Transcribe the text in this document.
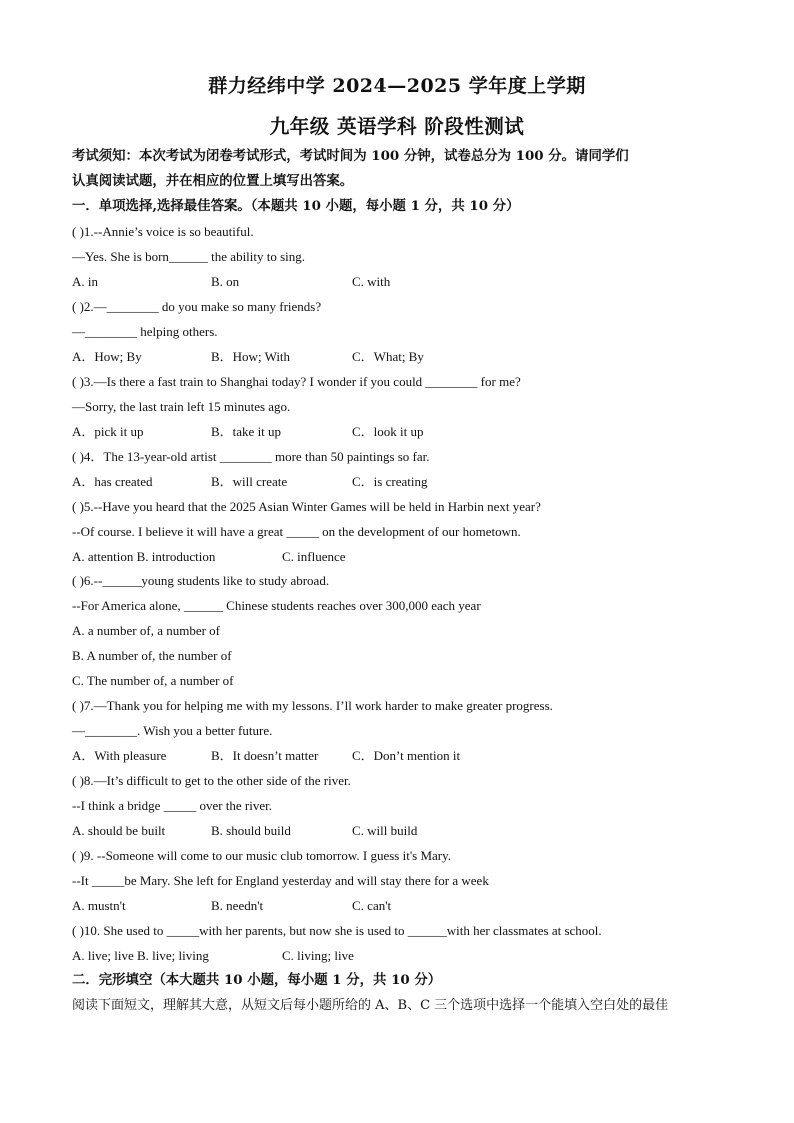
群力经纬中学 2024—2025 学年度上学期
九年级 英语学科 阶段性测试
考试须知：本次考试为闭卷考试形式，考试时间为 100 分钟，试卷总分为 100 分。请同学们
认真阅读试题，并在相应的位置上填写出答案。
一．单项选择,选择最佳答案。（本题共 10 小题，每小题 1 分，共 10 分）
( )1.--Annie’s voice is so beautiful.
—Yes. She is born______ the ability to sing.
A. in	B. on	C. with
( )2.—________ do you make so many friends?
—________ helping others.
A．How; By	B．How; With	C．What; By
( )3.—Is there a fast train to Shanghai today? I wonder if you could ________ for me?
—Sorry, the last train left 15 minutes ago.
A．pick it up	B．take it up	C．look it up
( )4．The 13-year-old artist ________ more than 50 paintings so far.
A．has created	B．will create	C．is creating
( )5.--Have you heard that the 2025 Asian Winter Games will be held in Harbin next year?
--Of course. I believe it will have a great _____ on the development of our hometown.
A. attention B. introduction	C. influence
( )6.--______young students like to study abroad.
--For America alone, ______ Chinese students reaches over 300,000 each year
A. a number of, a number of
B. A number of, the number of
C. The number of, a number of
( )7.—Thank you for helping me with my lessons. I’ll work harder to make greater progress.
—________. Wish you a better future.
A．With pleasure	B．It doesn’t matter	C．Don’t mention it
( )8.—It’s difficult to get to the other side of the river.
--I think a bridge _____ over the river.
A. should be built	B. should build	C. will build
( )9. --Someone will come to our music club tomorrow. I guess it's Mary.
--It _____be Mary. She left for England yesterday and will stay there for a week
A. mustn't	B. needn't	C. can't
( )10. She used to _____with her parents, but now she is used to ______with her classmates at school.
A. live; live B. live; living	C. living; live
二．完形填空（本大题共 10 小题，每小题 1 分，共 10 分）
阅读下面短文，理解其大意，从短文后每小题所给的 A、B、C 三个选项中选择一个能填入空白处的最佳
